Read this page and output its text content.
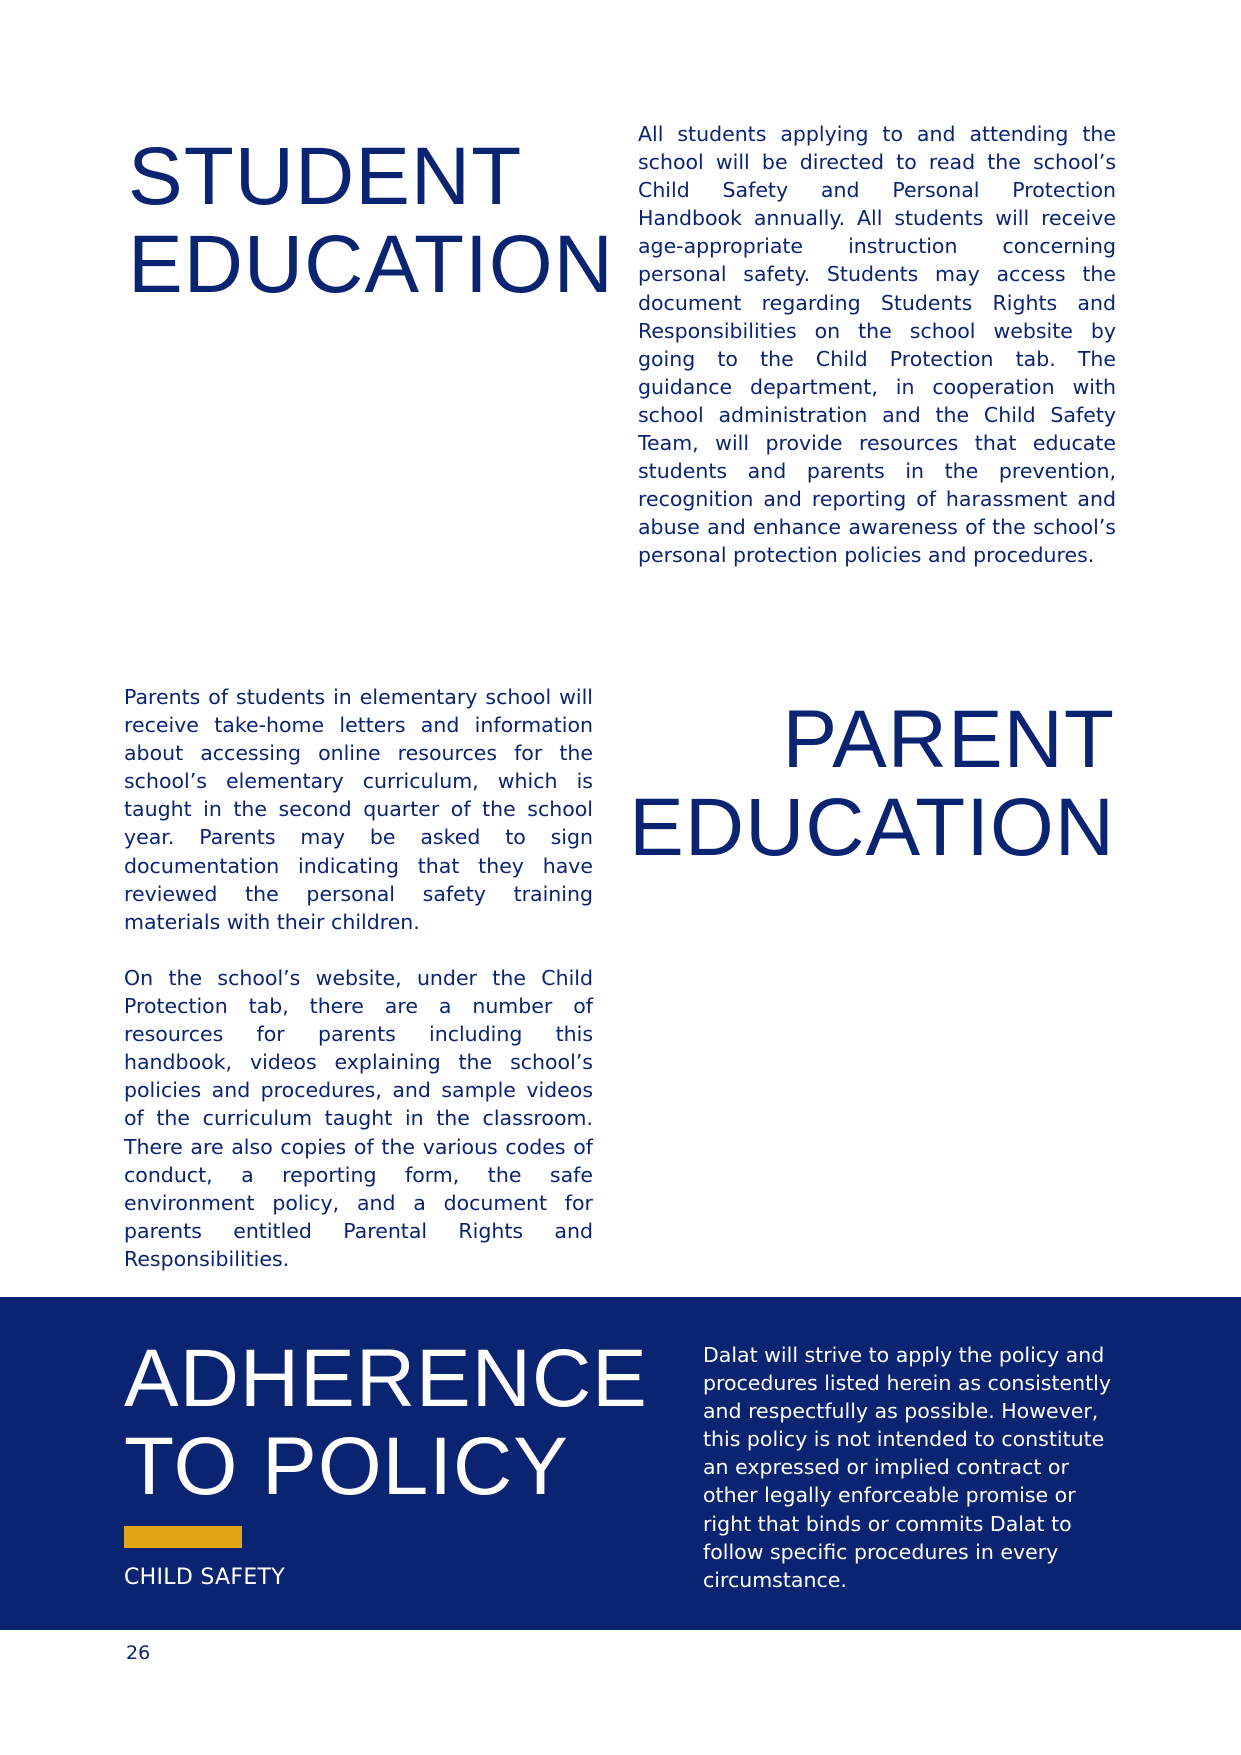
STUDENT
EDUCATION

All students applying to and attending the school will be directed to read the school’s Child Safety and Personal Protection Handbook annually. All students will receive age-appropriate instruction concerning personal safety. Students may access the document regarding Students Rights and Responsibilities on the school website by going to the Child Protection tab. The guidance department, in cooperation with school administration and the Child Safety Team, will provide resources that educate students and parents in the prevention, recognition and reporting of harassment and abuse and enhance awareness of the school’s personal protection policies and procedures.

Parents of students in elementary school will receive take-home letters and information about accessing online resources for the school’s elementary curriculum, which is taught in the second quarter of the school year. Parents may be asked to sign documentation indicating that they have reviewed the personal safety training materials with their children.

On the school’s website, under the Child Protection tab, there are a number of resources for parents including this handbook, videos explaining the school’s policies and procedures, and sample videos of the curriculum taught in the classroom. There are also copies of the various codes of conduct, a reporting form, the safe environment policy, and a document for parents entitled Parental Rights and Responsibilities.

PARENT
EDUCATION
ADHERENCE
TO POLICY

CHILD SAFETY

Dalat will strive to apply the policy and procedures listed herein as consistently and respectfully as possible. However, this policy is not intended to constitute an expressed or implied contract or other legally enforceable promise or right that binds or commits Dalat to follow specific procedures in every circumstance.

26
